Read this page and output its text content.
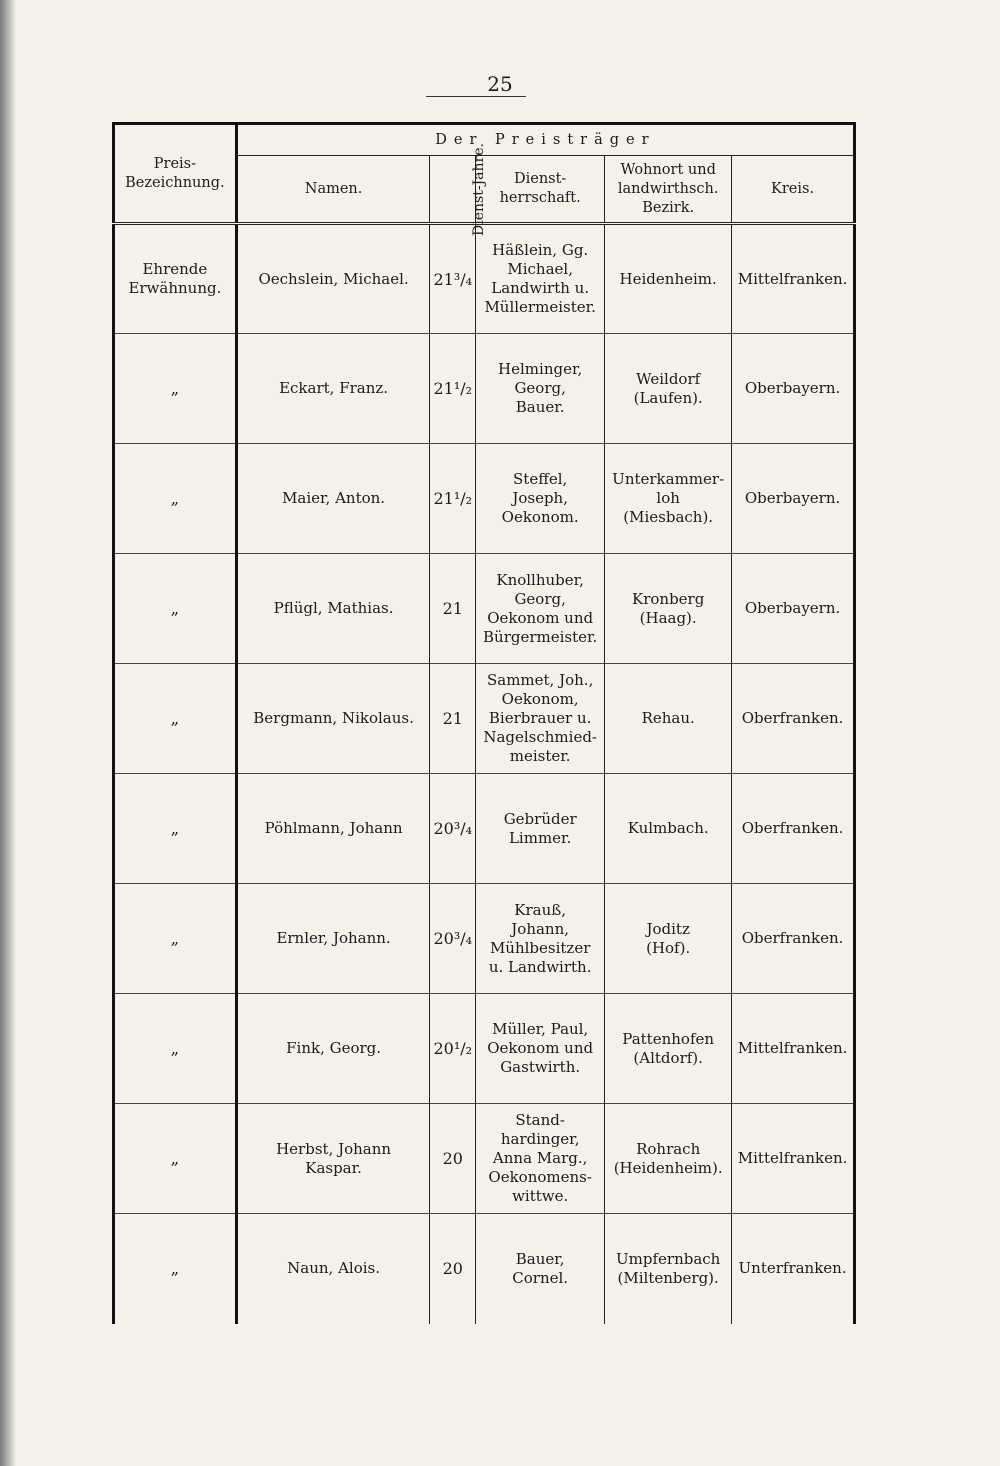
25
Preis-
Bezeichnung.	Der Preisträger				
	Namen.	Dienst-Jahre.	Dienst-
herrschaft.	Wohnort und
landwirthsch.
Bezirk.	Kreis.
Ehrende
Erwähnung.	Oechslein, Michael.	21³/₄	Häßlein, Gg.
Michael,
Landwirth u.
Müllermeister.	Heidenheim.	Mittelfranken.
„	Eckart, Franz.	21¹/₂	Helminger,
Georg,
Bauer.	Weildorf
(Laufen).	Oberbayern.
„	Maier, Anton.	21¹/₂	Steffel,
Joseph,
Oekonom.	Unterkammer-
loh
(Miesbach).	Oberbayern.
„	Pflügl, Mathias.	21	Knollhuber,
Georg,
Oekonom und
Bürgermeister.	Kronberg
(Haag).	Oberbayern.
„	Bergmann, Nikolaus.	21	Sammet, Joh.,
Oekonom,
Bierbrauer u.
Nagelschmied-
meister.	Rehau.	Oberfranken.
„	Pöhlmann, Johann	20³/₄	Gebrüder
Limmer.	Kulmbach.	Oberfranken.
„	Ernler, Johann.	20³/₄	Krauß,
Johann,
Mühlbesitzer
u. Landwirth.	Joditz
(Hof).	Oberfranken.
„	Fink, Georg.	20¹/₂	Müller, Paul,
Oekonom und
Gastwirth.	Pattenhofen
(Altdorf).	Mittelfranken.
„	Herbst, Johann
Kaspar.	20	Stand-
hardinger,
Anna Marg.,
Oekonomens-
wittwe.	Rohrach
(Heidenheim).	Mittelfranken.
„	Naun, Alois.	20	Bauer,
Cornel.	Umpfernbach
(Miltenberg).	Unterfranken.
